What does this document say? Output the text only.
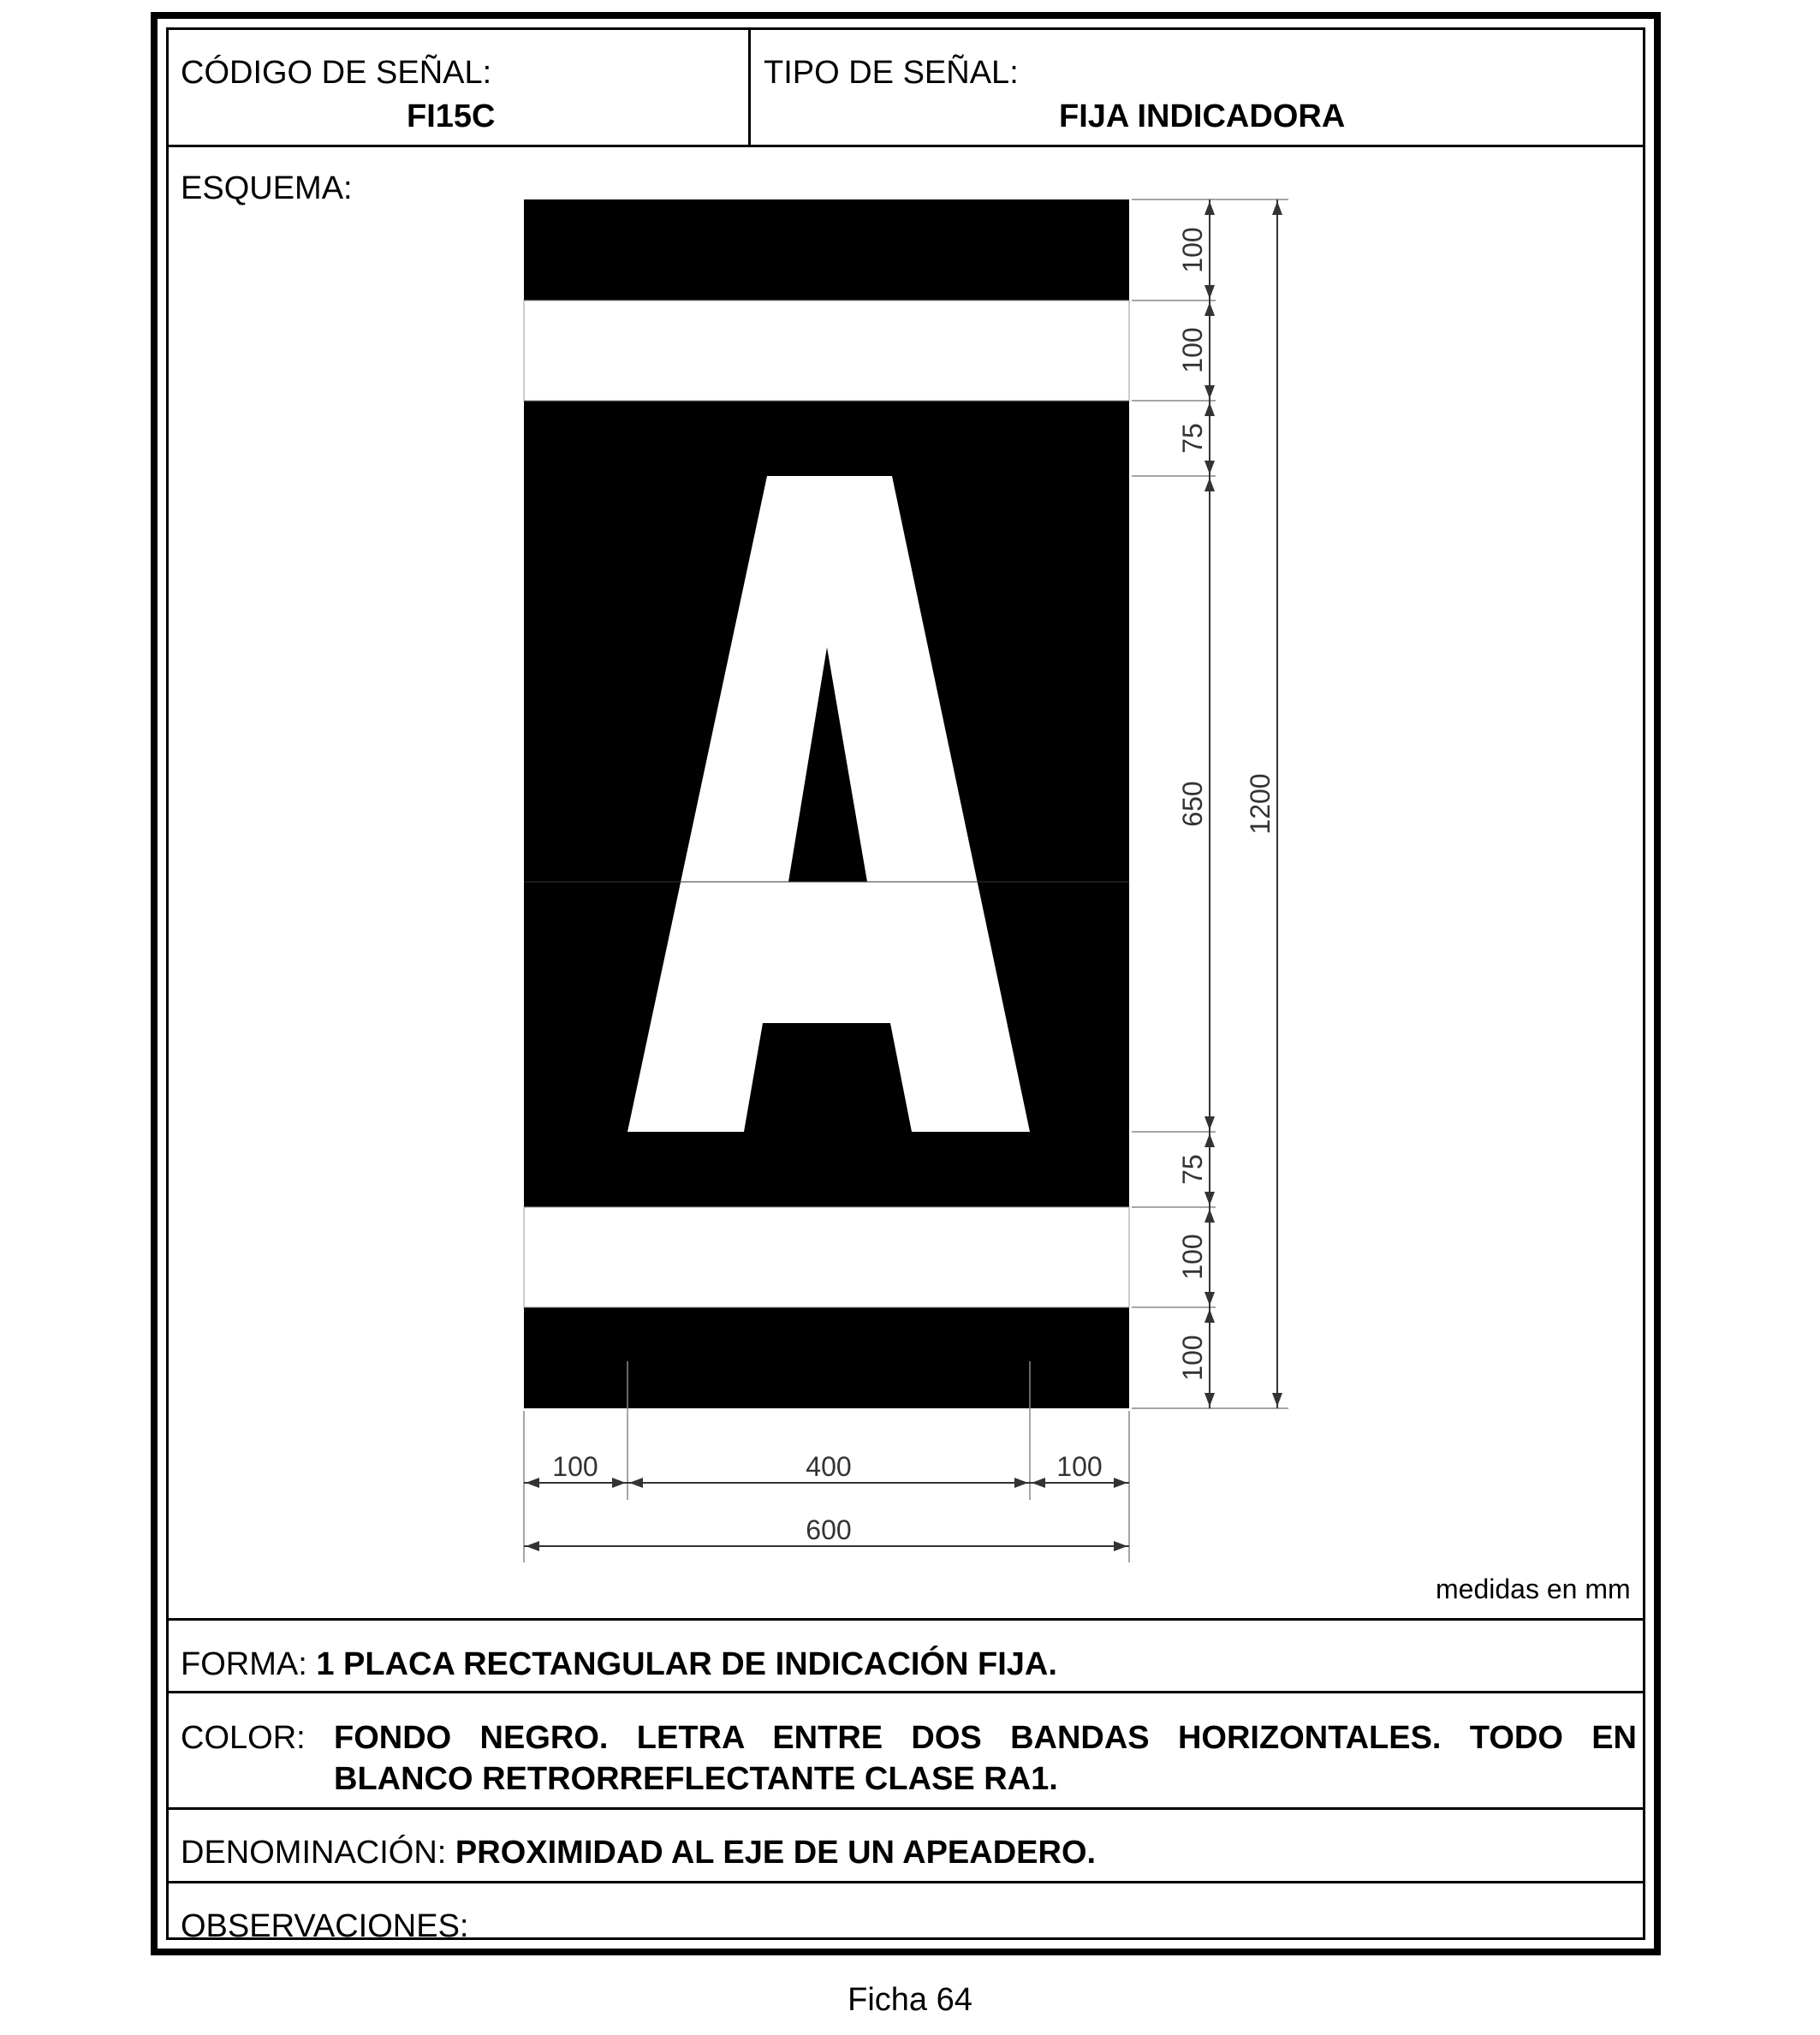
CÓDIGO DE SEÑAL:
FI15C
TIPO DE SEÑAL:
FIJA INDICADORA
ESQUEMA:
medidas en mm
FORMA: 1 PLACA RECTANGULAR DE INDICACIÓN FIJA.
COLOR: FONDO NEGRO. LETRA ENTRE DOS BANDAS HORIZONTALES. TODO EN
BLANCO RETRORREFLECTANTE CLASE RA1.
DENOMINACIÓN: PROXIMIDAD AL EJE DE UN APEADERO.
OBSERVACIONES:
100
100
75
650
75
100
100
1200
100	400	100
600
Ficha 64
